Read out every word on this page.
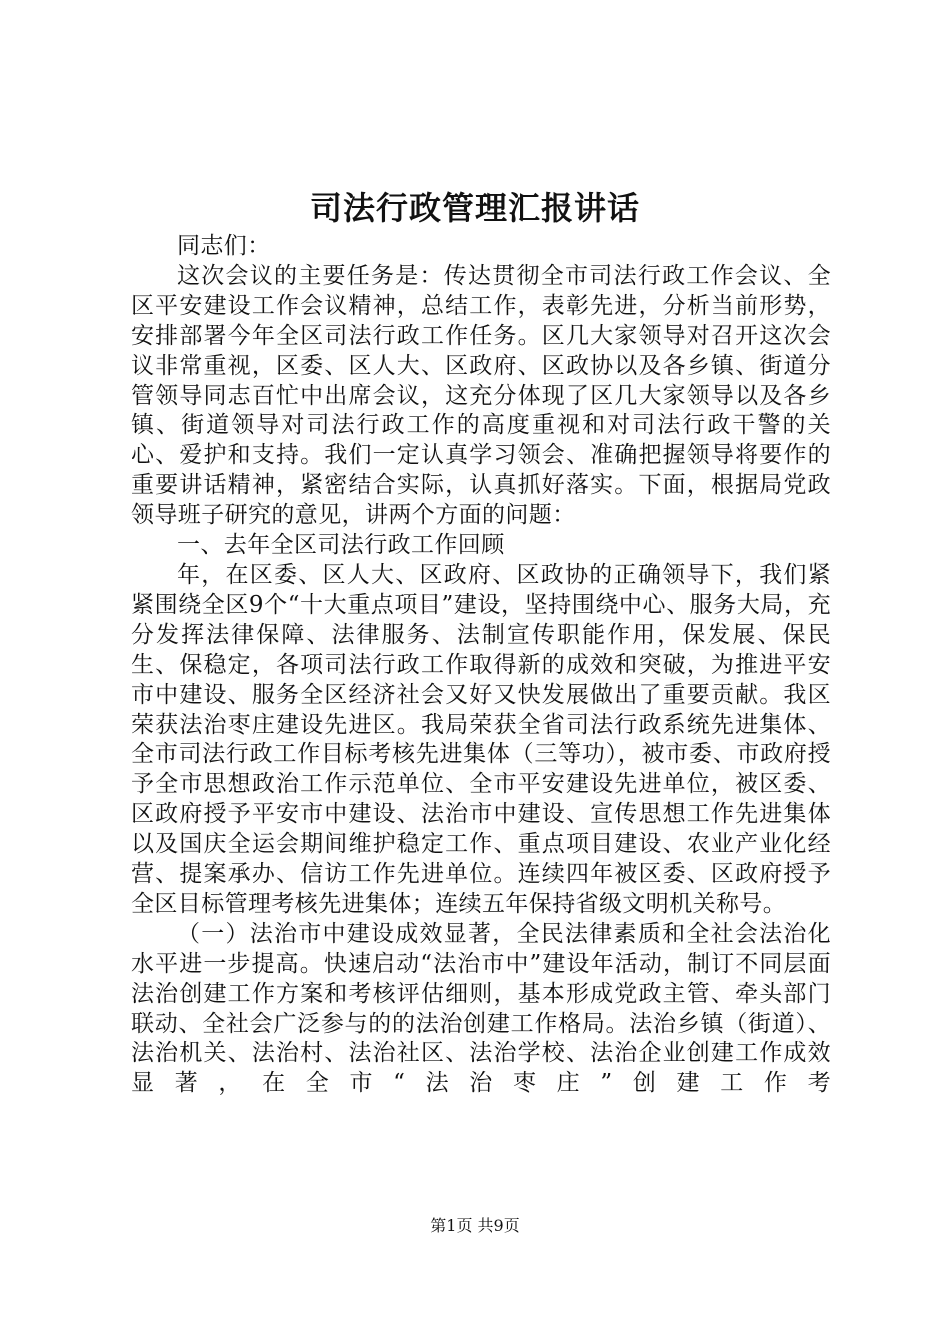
司法行政管理汇报讲话

同志们：

这次会议的主要任务是：传达贯彻全市司法行政工作会议、全区平安建设工作会议精神，总结工作，表彰先进，分析当前形势，安排部署今年全区司法行政工作任务。区几大家领导对召开这次会议非常重视，区委、区人大、区政府、区政协以及各乡镇、街道分管领导同志百忙中出席会议，这充分体现了区几大家领导以及各乡镇、街道领导对司法行政工作的高度重视和对司法行政干警的关心、爱护和支持。我们一定认真学习领会、准确把握领导将要作的重要讲话精神，紧密结合实际，认真抓好落实。下面，根据局党政领导班子研究的意见，讲两个方面的问题：

一、去年全区司法行政工作回顾

年，在区委、区人大、区政府、区政协的正确领导下，我们紧紧围绕全区9个“十大重点项目”建设，坚持围绕中心、服务大局，充分发挥法律保障、法律服务、法制宣传职能作用，保发展、保民生、保稳定，各项司法行政工作取得新的成效和突破，为推进平安市中建设、服务全区经济社会又好又快发展做出了重要贡献。我区荣获法治枣庄建设先进区。我局荣获全省司法行政系统先进集体、全市司法行政工作目标考核先进集体（三等功），被市委、市政府授予全市思想政治工作示范单位、全市平安建设先进单位，被区委、区政府授予平安市中建设、法治市中建设、宣传思想工作先进集体以及国庆全运会期间维护稳定工作、重点项目建设、农业产业化经营、提案承办、信访工作先进单位。连续四年被区委、区政府授予全区目标管理考核先进集体；连续五年保持省级文明机关称号。

（一）法治市中建设成效显著，全民法律素质和全社会法治化水平进一步提高。快速启动“法治市中”建设年活动，制订不同层面法治创建工作方案和考核评估细则，基本形成党政主管、牵头部门联动、全社会广泛参与的的法治创建工作格局。法治乡镇（街道）、法治机关、法治村、法治社区、法治学校、法治企业创建工作成效显著，在全市“法治枣庄”创建工作考

第1页 共9页
